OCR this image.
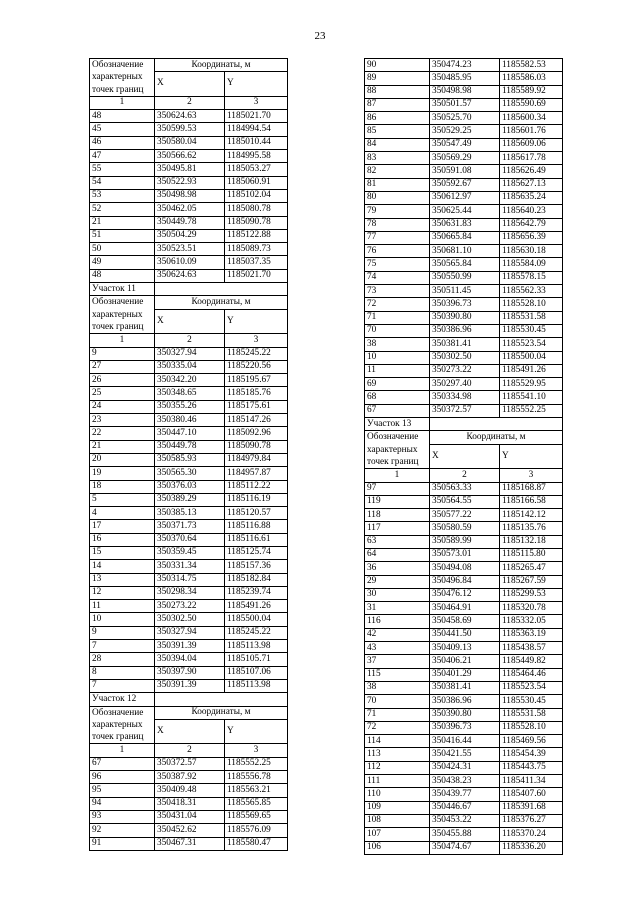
23
Обозначение
характерных
точек границ	Координаты, м	
	X	Y

1	2	3
48	350624.63	1185021.70
45	350599.53	1184994.54
46	350580.04	1185010.44
47	350566.62	1184995.58
55	350495.81	1185053.27
54	350522.93	1185060.91
53	350498.98	1185102.04
52	350462.05	1185080.78
21	350449.78	1185090.78
51	350504.29	1185122.88
50	350523.51	1185089.73
49	350610.09	1185037.35
48	350624.63	1185021.70
Участок 11		

Обозначение
характерных
точек границ	Координаты, м	
	X	Y

1	2	3
9	350327.94	1185245.22
27	350335.04	1185220.56
26	350342.20	1185195.67
25	350348.65	1185185.76
24	350355.26	1185175.61
23	350380.46	1185147.26
22	350447.10	1185092.96
21	350449.78	1185090.78
20	350585.93	1184979.84
19	350565.30	1184957.87
18	350376.03	1185112.22
5	350389.29	1185116.19
4	350385.13	1185120.57
17	350371.73	1185116.88
16	350370.64	1185116.61
15	350359.45	1185125.74
14	350331.34	1185157.36
13	350314.75	1185182.84
12	350298.34	1185239.74
11	350273.22	1185491.26
10	350302.50	1185500.04
9	350327.94	1185245.22
7	350391.39	1185113.98
28	350394.04	1185105.71
8	350397.90	1185107.06
7	350391.39	1185113.98
Участок 12		

Обозначение
характерных
точек границ	Координаты, м	
	X	Y

1	2	3
67	350372.57	1185552.25
96	350387.92	1185556.78
95	350409.48	1185563.21
94	350418.31	1185565.85
93	350431.04	1185569.65
92	350452.62	1185576.09
91	350467.31	1185580.47
90	350474.23	1185582.53
89	350485.95	1185586.03
88	350498.98	1185589.92
87	350501.57	1185590.69
86	350525.70	1185600.34
85	350529.25	1185601.76
84	350547.49	1185609.06
83	350569.29	1185617.78
82	350591.08	1185626.49
81	350592.67	1185627.13
80	350612.97	1185635.24
79	350625.44	1185640.23
78	350631.83	1185642.79
77	350665.84	1185656.39
76	350681.10	1185630.18
75	350565.84	1185584.09
74	350550.99	1185578.15
73	350511.45	1185562.33
72	350396.73	1185528.10
71	350390.80	1185531.58
70	350386.96	1185530.45
38	350381.41	1185523.54
10	350302.50	1185500.04
11	350273.22	1185491.26
69	350297.40	1185529.95
68	350334.98	1185541.10
67	350372.57	1185552.25
Участок 13		

Обозначение
характерных
точек границ	Координаты, м	
	X	Y

1	2	3
97	350563.33	1185168.87
119	350564.55	1185166.58
118	350577.22	1185142.12
117	350580.59	1185135.76
63	350589.99	1185132.18
64	350573.01	1185115.80
36	350494.08	1185265.47
29	350496.84	1185267.59
30	350476.12	1185299.53
31	350464.91	1185320.78
116	350458.69	1185332.05
42	350441.50	1185363.19
43	350409.13	1185438.57
37	350406.21	1185449.82
115	350401.29	1185464.46
38	350381.41	1185523.54
70	350386.96	1185530.45
71	350390.80	1185531.58
72	350396.73	1185528.10
114	350416.44	1185469.56
113	350421.55	1185454.39
112	350424.31	1185443.75
111	350438.23	1185411.34
110	350439.77	1185407.60
109	350446.67	1185391.68
108	350453.22	1185376.27
107	350455.88	1185370.24
106	350474.67	1185336.20
